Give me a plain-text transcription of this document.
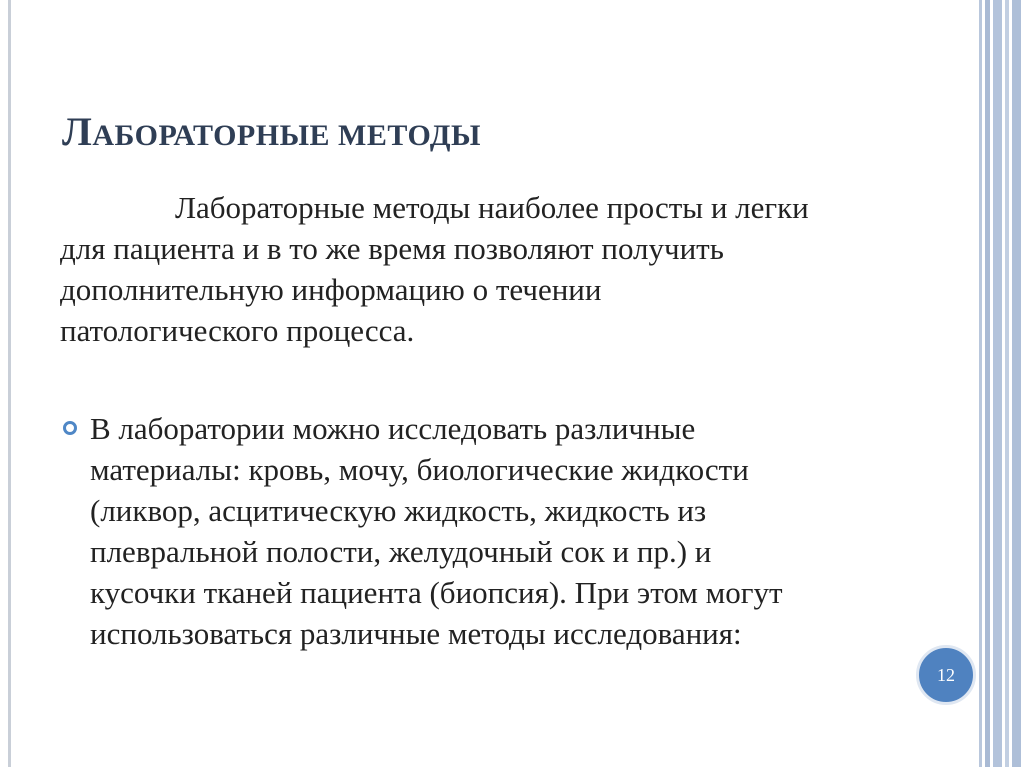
ЛАБОРАТОРНЫЕ МЕТОДЫ

Лабораторные методы наиболее просты и легки
для пациента и в то же время позволяют получить
дополнительную информацию о течении
патологического процесса.

В лаборатории можно исследовать различные
материалы: кровь, мочу, биологические жидкости
(ликвор, асцитическую жидкость, жидкость из
плевральной полости, желудочный сок и пр.) и
кусочки тканей пациента (биопсия). При этом могут
использоваться различные методы исследования:

12
